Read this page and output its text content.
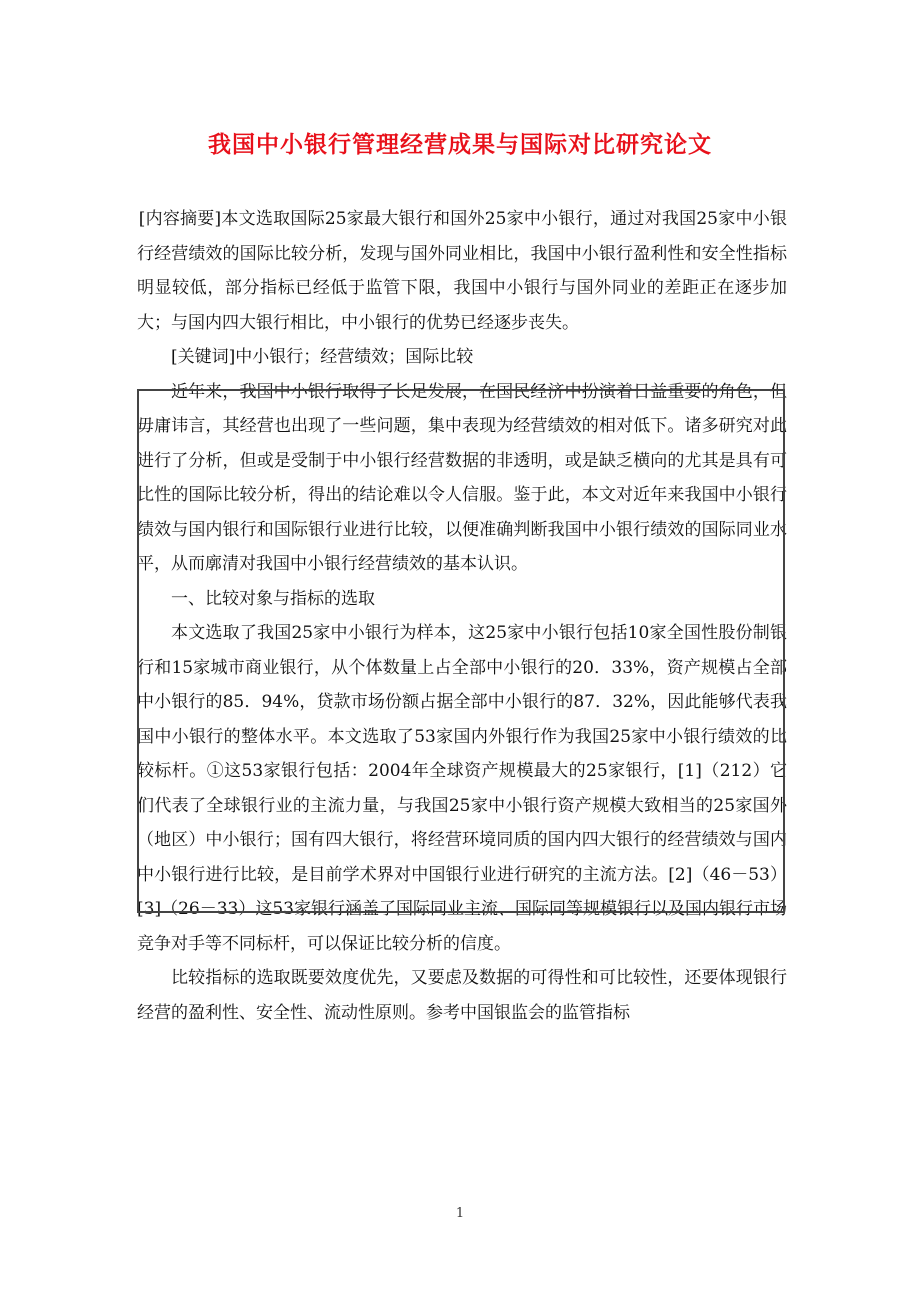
我国中小银行管理经营成果与国际对比研究论文

[内容摘要]本文选取国际25家最大银行和国外25家中小银行，通过对我国25家中小银行经营绩效的国际比较分析，发现与国外同业相比，我国中小银行盈利性和安全性指标明显较低，部分指标已经低于监管下限，我国中小银行与国外同业的差距正在逐步加大；与国内四大银行相比，中小银行的优势已经逐步丧失。

[关键词]中小银行；经营绩效；国际比较

近年来，我国中小银行取得了长足发展，在国民经济中扮演着日益重要的角色，但毋庸讳言，其经营也出现了一些问题，集中表现为经营绩效的相对低下。诸多研究对此进行了分析，但或是受制于中小银行经营数据的非透明，或是缺乏横向的尤其是具有可比性的国际比较分析，得出的结论难以令人信服。鉴于此，本文对近年来我国中小银行绩效与国内银行和国际银行业进行比较，以便准确判断我国中小银行绩效的国际同业水平，从而廓清对我国中小银行经营绩效的基本认识。

一、比较对象与指标的选取

本文选取了我国25家中小银行为样本，这25家中小银行包括10家全国性股份制银行和15家城市商业银行，从个体数量上占全部中小银行的20．33%，资产规模占全部中小银行的85．94%，贷款市场份额占据全部中小银行的87．32%，因此能够代表我国中小银行的整体水平。本文选取了53家国内外银行作为我国25家中小银行绩效的比较标杆。①这53家银行包括：2004年全球资产规模最大的25家银行，[1]（212）它们代表了全球银行业的主流力量，与我国25家中小银行资产规模大致相当的25家国外（地区）中小银行；国有四大银行，将经营环境同质的国内四大银行的经营绩效与国内中小银行进行比较，是目前学术界对中国银行业进行研究的主流方法。[2]（46－53）[3]（26－33）这53家银行涵盖了国际同业主流、国际同等规模银行以及国内银行市场竞争对手等不同标杆，可以保证比较分析的信度。

比较指标的选取既要效度优先，又要虑及数据的可得性和可比较性，还要体现银行经营的盈利性、安全性、流动性原则。参考中国银监会的监管指标

1
